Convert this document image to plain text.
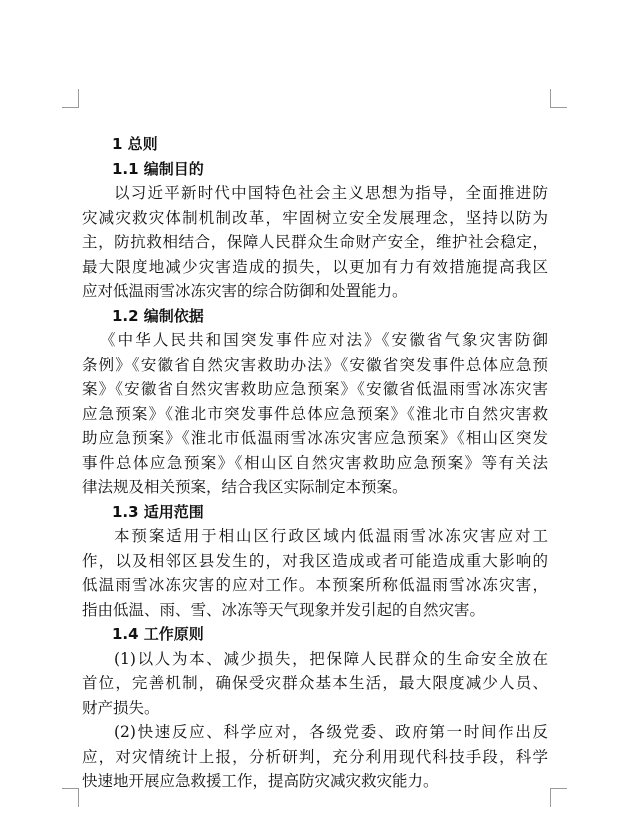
1 总则
1.1 编制目的
以习近平新时代中国特色社会主义思想为指导，全面推进防
灾减灾救灾体制机制改革，牢固树立安全发展理念，坚持以防为
主，防抗救相结合，保障人民群众生命财产安全，维护社会稳定，
最大限度地减少灾害造成的损失，以更加有力有效措施提高我区
应对低温雨雪冰冻灾害的综合防御和处置能力。
1.2 编制依据
《中华人民共和国突发事件应对法》《安徽省气象灾害防御
条例》《安徽省自然灾害救助办法》《安徽省突发事件总体应急预
案》《安徽省自然灾害救助应急预案》《安徽省低温雨雪冰冻灾害
应急预案》《淮北市突发事件总体应急预案》《淮北市自然灾害救
助应急预案》《淮北市低温雨雪冰冻灾害应急预案》《相山区突发
事件总体应急预案》《相山区自然灾害救助应急预案》等有关法
律法规及相关预案，结合我区实际制定本预案。
1.3 适用范围
本预案适用于相山区行政区域内低温雨雪冰冻灾害应对工
作，以及相邻区县发生的，对我区造成或者可能造成重大影响的
低温雨雪冰冻灾害的应对工作。本预案所称低温雨雪冰冻灾害，
指由低温、雨、雪、冰冻等天气现象并发引起的自然灾害。
1.4 工作原则
(1)以人为本、减少损失，把保障人民群众的生命安全放在
首位，完善机制，确保受灾群众基本生活，最大限度减少人员、
财产损失。
(2)快速反应、科学应对，各级党委、政府第一时间作出反
应，对灾情统计上报，分析研判，充分利用现代科技手段，科学
快速地开展应急救援工作，提高防灾减灾救灾能力。
